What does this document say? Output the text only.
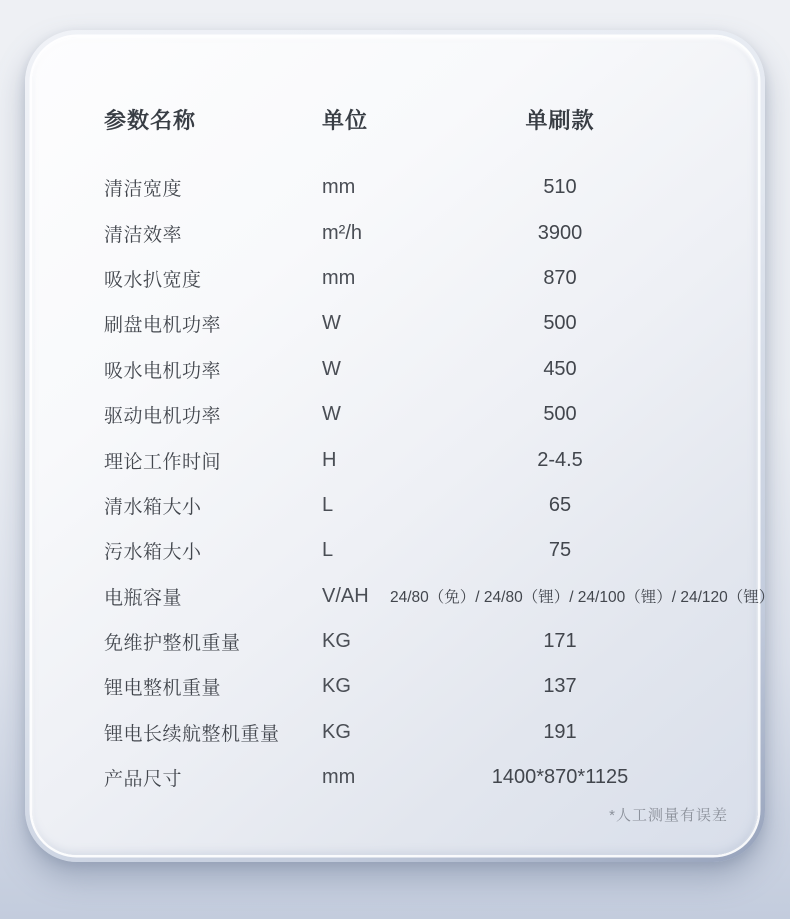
参数名称	单位	单刷款
清洁宽度	mm	510
清洁效率	m²/h	3900
吸水扒宽度	mm	870
刷盘电机功率	W	500
吸水电机功率	W	450
驱动电机功率	W	500
理论工作时间	H	2-4.5
清水箱大小	L	65
污水箱大小	L	75
电瓶容量	V/AH	24/80（免）/ 24/80（锂）/ 24/100（锂）/ 24/120（锂）
免维护整机重量	KG	171
锂电整机重量	KG	137
锂电长续航整机重量	KG	191
产品尺寸	mm	1400*870*1125
*人工测量有误差
